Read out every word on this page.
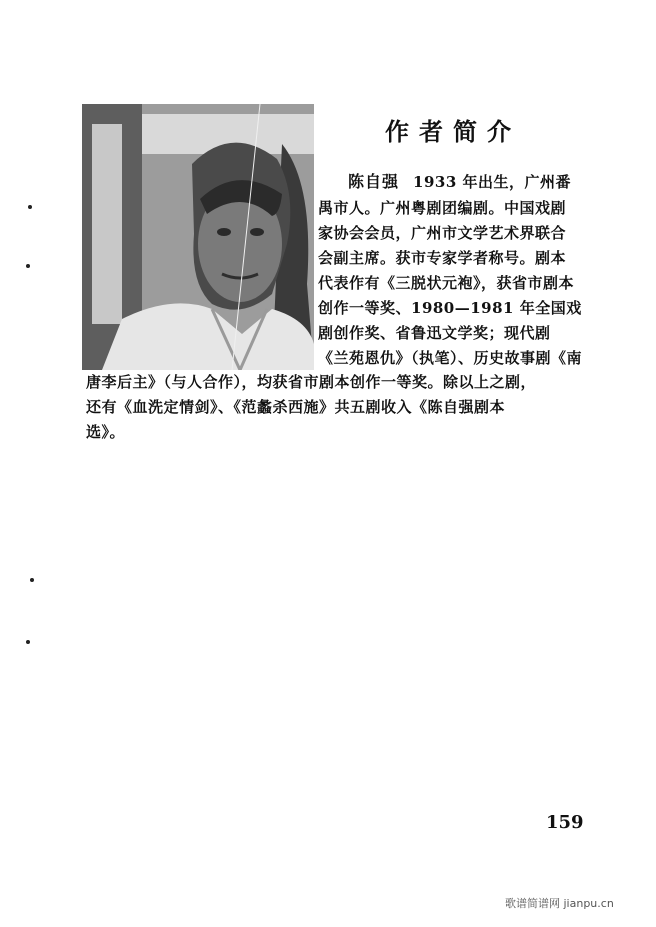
作者简介
陈自强 1933 年出生，广州番
禺市人。广州粤剧团编剧。中国戏剧
家协会会员，广州市文学艺术界联合
会副主席。获市专家学者称号。剧本
代表作有《三脱状元袍》，获省市剧本
创作一等奖、1980—1981 年全国戏
剧创作奖、省鲁迅文学奖；现代剧
《兰苑恩仇》（执笔）、历史故事剧《南
唐李后主》（与人合作），均获省市剧本创作一等奖。除以上之剧，
还有《血洗定情剑》、《范蠡杀西施》共五剧收入《陈自强剧本
选》。
159
歌谱简谱网 jianpu.cn
